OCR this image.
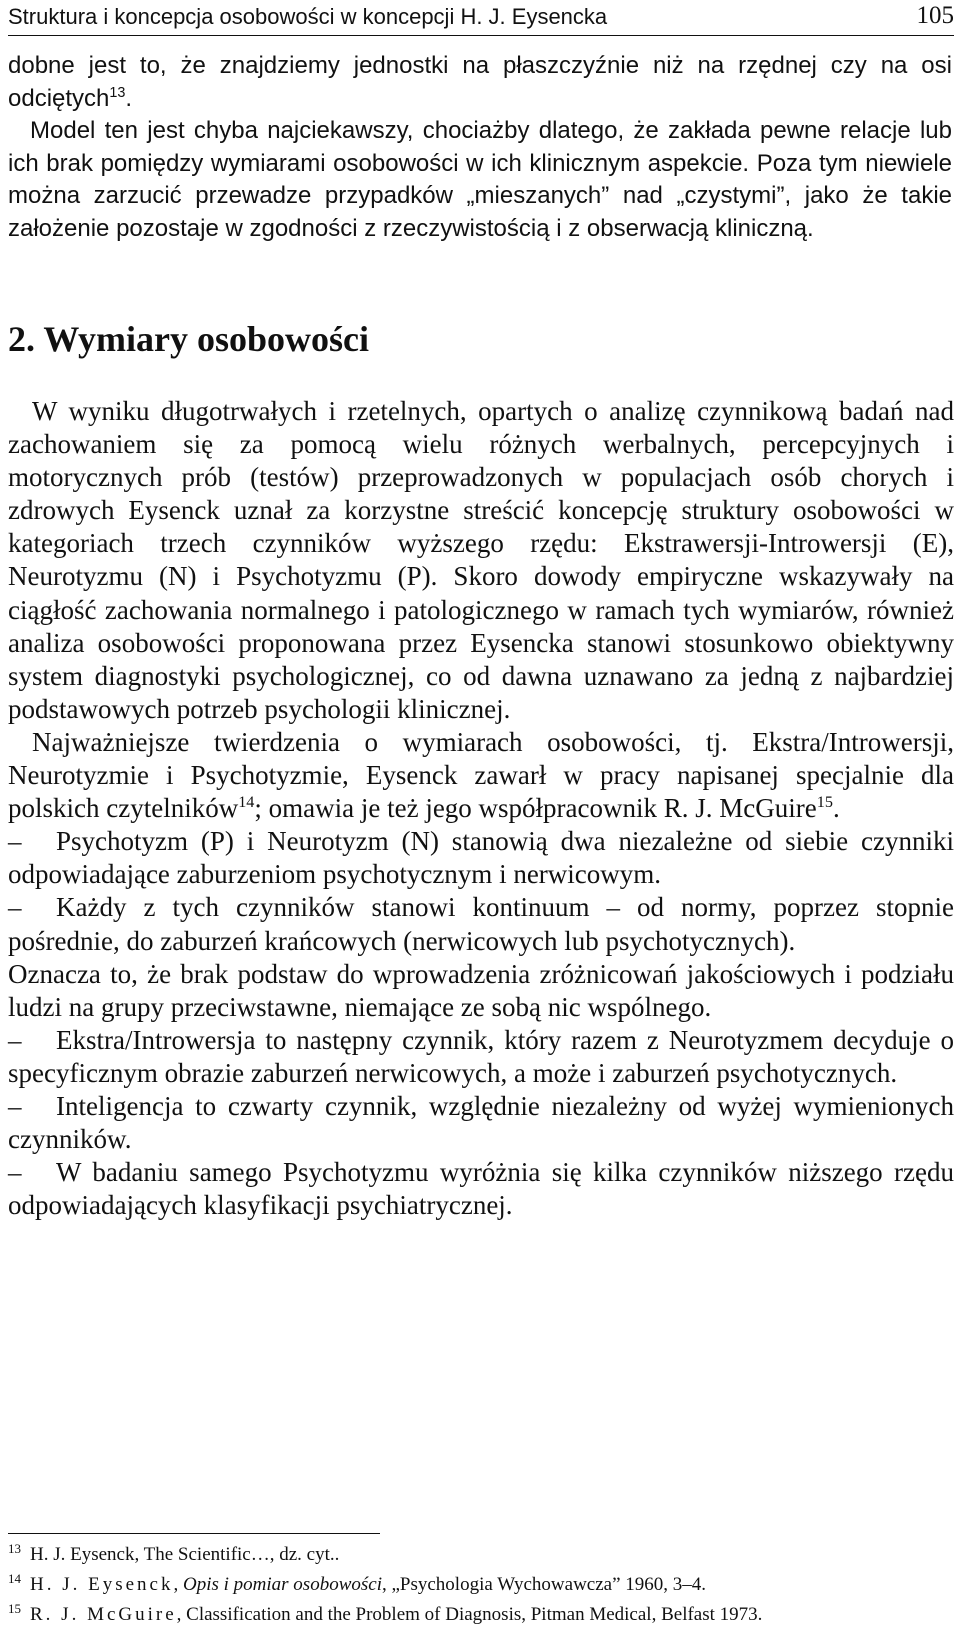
Struktura i koncepcja osobowości w koncepcji H. J. Eysencka	105

dobne jest to, że znajdziemy jednostki na płaszczyźnie niż na rzędnej czy na osi odciętych$^{13}$.

Model ten jest chyba najciekawszy, chociażby dlatego, że zakłada pewne relacje lub ich brak pomiędzy wymiarami osobowości w ich klinicznym aspekcie. Poza tym niewiele można zarzucić przewadze przypadków „mieszanych” nad „czystymi”, jako że takie założenie pozostaje w zgodności z rzeczywistością i z obserwacją kliniczną.

2. Wymiary osobowości

W wyniku długotrwałych i rzetelnych, opartych o analizę czynnikową badań nad zachowaniem się za pomocą wielu różnych werbalnych, percepcyjnych i motorycznych prób (testów) przeprowadzonych w populacjach osób chorych i zdrowych Eysenck uznał za korzystne streścić koncepcję struktury osobowości w kategoriach trzech czynników wyższego rzędu: Ekstrawersji-Introwersji (E), Neurotyzmu (N) i Psychotyzmu (P). Skoro dowody empiryczne wskazywały na ciągłość zachowania normalnego i patologicznego w ramach tych wymiarów, również analiza osobowości proponowana przez Eysencka stanowi stosunkowo obiektywny system diagnostyki psychologicznej, co od dawna uznawano za jedną z najbardziej podstawowych potrzeb psychologii klinicznej.

Najważniejsze twierdzenia o wymiarach osobowości, tj. Ekstra/Introwersji, Neurotyzmie i Psychotyzmie, Eysenck zawarł w pracy napisanej specjalnie dla polskich czytelników$^{14}$; omawia je też jego współpracownik R. J. McGuire$^{15}$.

– Psychotyzm (P) i Neurotyzm (N) stanowią dwa niezależne od siebie czynniki odpowiadające zaburzeniom psychotycznym i nerwicowym.

– Każdy z tych czynników stanowi kontinuum – od normy, poprzez stopnie pośrednie, do zaburzeń krańcowych (nerwicowych lub psychotycznych).

Oznacza to, że brak podstaw do wprowadzenia zróżnicowań jakościowych i podziału ludzi na grupy przeciwstawne, niemające ze sobą nic wspólnego.

– Ekstra/Introwersja to następny czynnik, który razem z Neurotyzmem decyduje o specyficznym obrazie zaburzeń nerwicowych, a może i zaburzeń psychotycznych.

– Inteligencja to czwarty czynnik, względnie niezależny od wyżej wymienionych czynników.

– W badaniu samego Psychotyzmu wyróżnia się kilka czynników niższego rzędu odpowiadających klasyfikacji psychiatrycznej.

13 H. J. Eysenck, The Scientific…, dz. cyt..
14 H. J. Eysenck, Opis i pomiar osobowości, „Psychologia Wychowawcza” 1960, 3–4.
15 R. J. McGuire, Classification and the Problem of Diagnosis, Pitman Medical, Belfast 1973.
